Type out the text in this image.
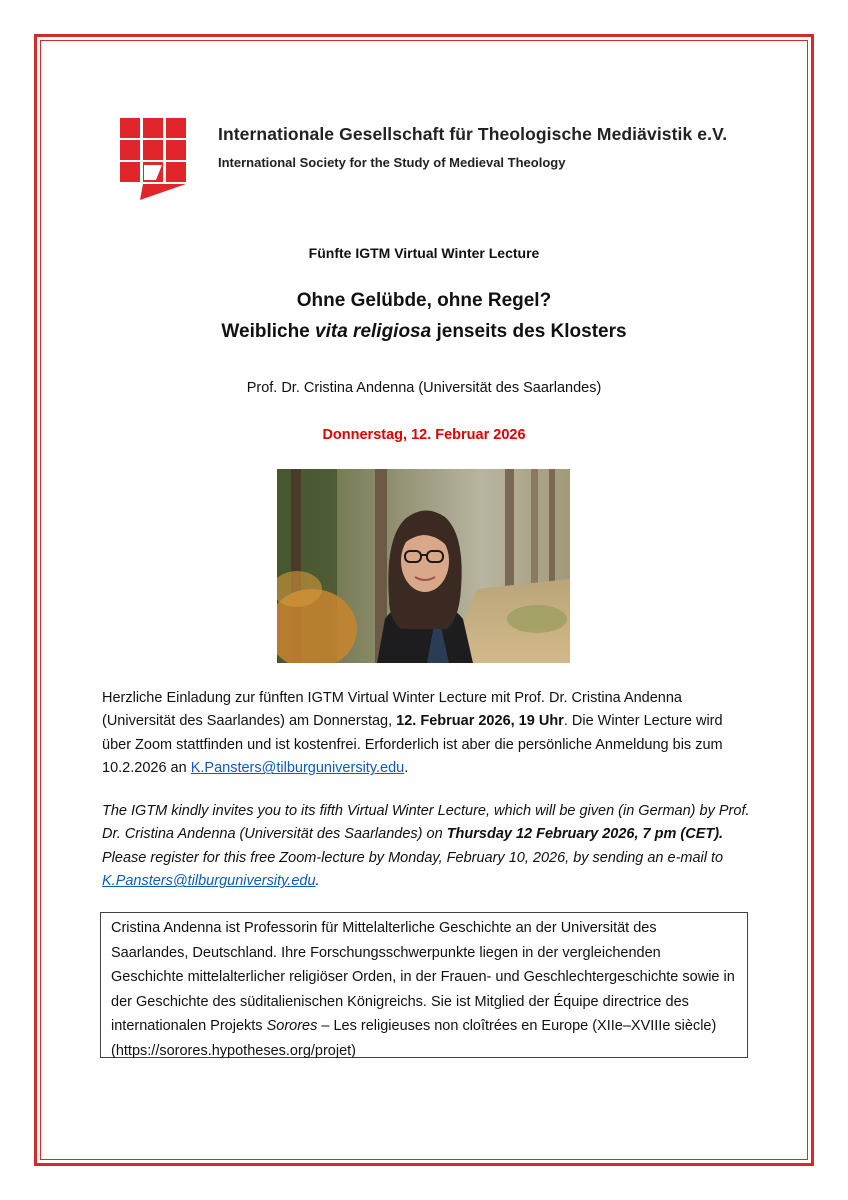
Internationale Gesellschaft für Theologische Mediävistik e.V.
International Society for the Study of Medieval Theology
Fünfte IGTM Virtual Winter Lecture
Ohne Gelübde, ohne Regel?
Weibliche vita religiosa jenseits des Klosters
Prof. Dr. Cristina Andenna (Universität des Saarlandes)
Donnerstag, 12. Februar 2026
Herzliche Einladung zur fünften IGTM Virtual Winter Lecture mit Prof. Dr. Cristina Andenna (Universität des Saarlandes) am Donnerstag, 12. Februar 2026, 19 Uhr. Die Winter Lecture wird über Zoom stattfinden und ist kostenfrei. Erforderlich ist aber die persönliche Anmeldung bis zum 10.2.2026 an K.Pansters@tilburguniversity.edu.
The IGTM kindly invites you to its fifth Virtual Winter Lecture, which will be given (in German) by Prof. Dr. Cristina Andenna (Universität des Saarlandes) on Thursday 12 February 2026, 7 pm (CET). Please register for this free Zoom-lecture by Monday, February 10, 2026, by sending an e-mail to K.Pansters@tilburguniversity.edu.
Cristina Andenna ist Professorin für Mittelalterliche Geschichte an der Universität des Saarlandes, Deutschland. Ihre Forschungsschwerpunkte liegen in der vergleichenden Geschichte mittelalterlicher religiöser Orden, in der Frauen- und Geschlechtergeschichte sowie in der Geschichte des süditalienischen Königreichs. Sie ist Mitglied der Équipe directrice des internationalen Projekts Sorores – Les religieuses non cloîtrées en Europe (XIIe–XVIIIe siècle) (https://sorores.hypotheses.org/projet)
